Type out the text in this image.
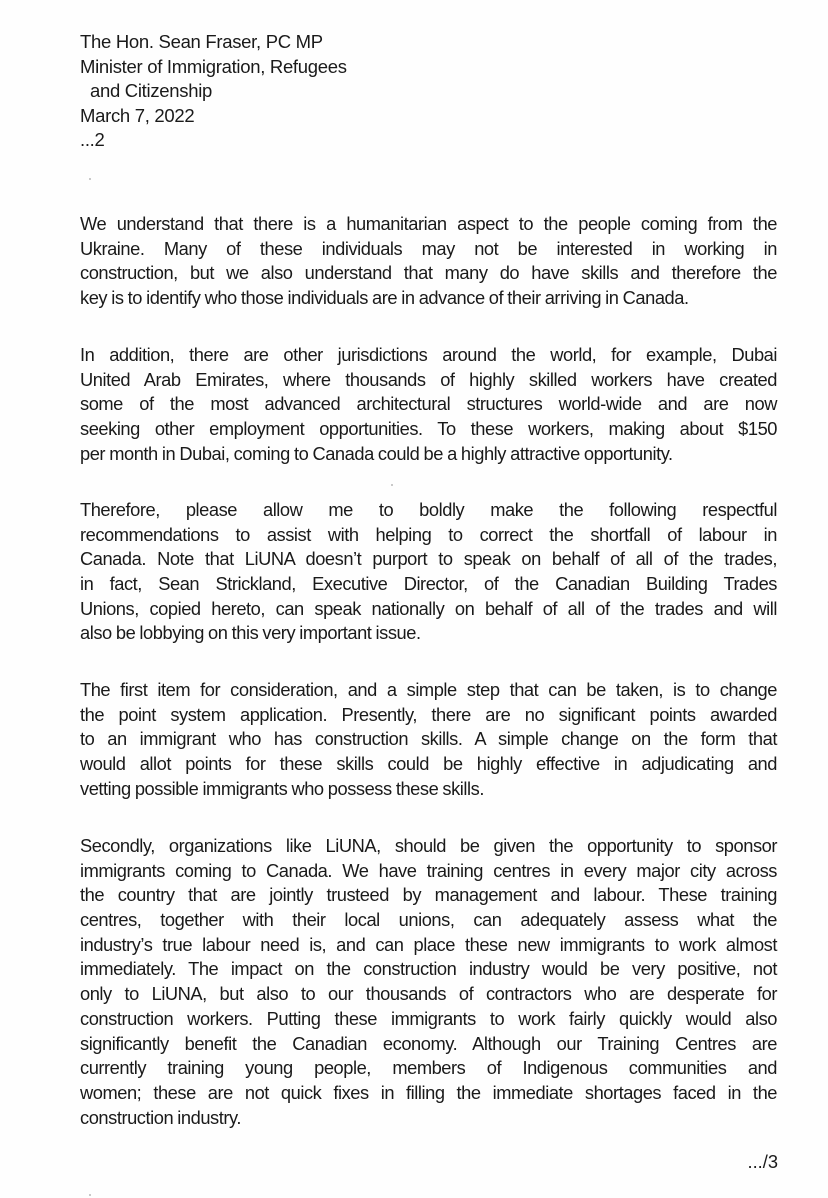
The Hon. Sean Fraser, PC MP
Minister of Immigration, Refugees
and Citizenship
March 7, 2022
...2
We understand that there is a humanitarian aspect to the people coming from the
Ukraine. Many of these individuals may not be interested in working in
construction, but we also understand that many do have skills and therefore the
key is to identify who those individuals are in advance of their arriving in Canada.
In addition, there are other jurisdictions around the world, for example, Dubai
United Arab Emirates, where thousands of highly skilled workers have created
some of the most advanced architectural structures world-wide and are now
seeking other employment opportunities. To these workers, making about $150
per month in Dubai, coming to Canada could be a highly attractive opportunity.
Therefore, please allow me to boldly make the following respectful
recommendations to assist with helping to correct the shortfall of labour in
Canada. Note that LiUNA doesn’t purport to speak on behalf of all of the trades,
in fact, Sean Strickland, Executive Director, of the Canadian Building Trades
Unions, copied hereto, can speak nationally on behalf of all of the trades and will
also be lobbying on this very important issue.
The first item for consideration, and a simple step that can be taken, is to change
the point system application. Presently, there are no significant points awarded
to an immigrant who has construction skills. A simple change on the form that
would allot points for these skills could be highly effective in adjudicating and
vetting possible immigrants who possess these skills.
Secondly, organizations like LiUNA, should be given the opportunity to sponsor
immigrants coming to Canada. We have training centres in every major city across
the country that are jointly trusteed by management and labour. These training
centres, together with their local unions, can adequately assess what the
industry’s true labour need is, and can place these new immigrants to work almost
immediately. The impact on the construction industry would be very positive, not
only to LiUNA, but also to our thousands of contractors who are desperate for
construction workers. Putting these immigrants to work fairly quickly would also
significantly benefit the Canadian economy. Although our Training Centres are
currently training young people, members of Indigenous communities and
women; these are not quick fixes in filling the immediate shortages faced in the
construction industry.
.../3
